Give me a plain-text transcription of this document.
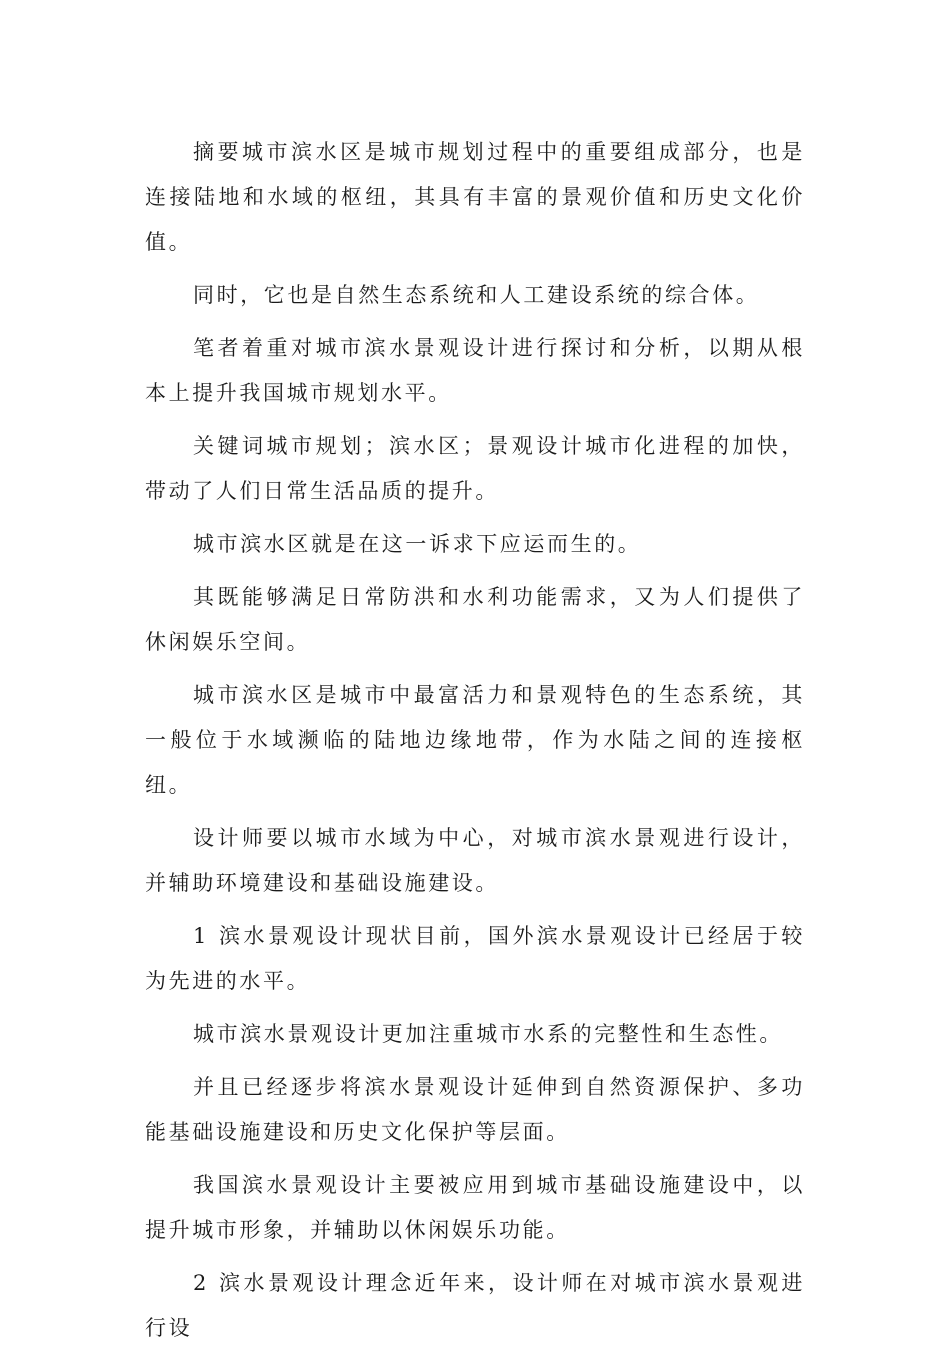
摘要城市滨水区是城市规划过程中的重要组成部分，也是连接陆地和水域的枢纽，其具有丰富的景观价值和历史文化价值。

同时，它也是自然生态系统和人工建设系统的综合体。

笔者着重对城市滨水景观设计进行探讨和分析，以期从根本上提升我国城市规划水平。

关键词城市规划；滨水区；景观设计城市化进程的加快，带动了人们日常生活品质的提升。

城市滨水区就是在这一诉求下应运而生的。

其既能够满足日常防洪和水利功能需求，又为人们提供了休闲娱乐空间。

城市滨水区是城市中最富活力和景观特色的生态系统，其一般位于水域濒临的陆地边缘地带，作为水陆之间的连接枢纽。

设计师要以城市水域为中心，对城市滨水景观进行设计，并辅助环境建设和基础设施建设。

1 滨水景观设计现状目前，国外滨水景观设计已经居于较为先进的水平。

城市滨水景观设计更加注重城市水系的完整性和生态性。

并且已经逐步将滨水景观设计延伸到自然资源保护、多功能基础设施建设和历史文化保护等层面。

我国滨水景观设计主要被应用到城市基础设施建设中，以提升城市形象，并辅助以休闲娱乐功能。

2 滨水景观设计理念近年来，设计师在对城市滨水景观进行设
